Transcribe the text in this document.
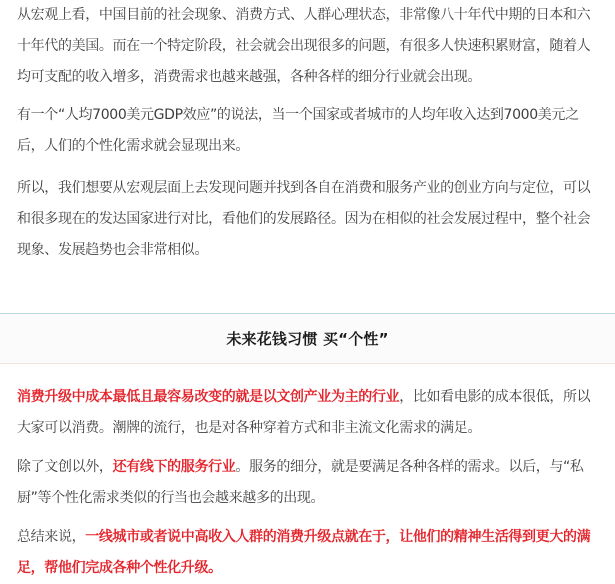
从宏观上看，中国目前的社会现象、消费方式、人群心理状态，非常像八十年代中期的日本和六十年代的美国。而在一个特定阶段，社会就会出现很多的问题，有很多人快速积累财富，随着人均可支配的收入增多，消费需求也越来越强，各种各样的细分行业就会出现。

有一个“人均7000美元GDP效应”的说法，当一个国家或者城市的人均年收入达到7000美元之后，人们的个性化需求就会显现出来。

所以，我们想要从宏观层面上去发现问题并找到各自在消费和服务产业的创业方向与定位，可以和很多现在的发达国家进行对比，看他们的发展路径。因为在相似的社会发展过程中，整个社会现象、发展趋势也会非常相似。

未来花钱习惯 买“个性”

消费升级中成本最低且最容易改变的就是以文创产业为主的行业，比如看电影的成本很低，所以大家可以消费。潮牌的流行，也是对各种穿着方式和非主流文化需求的满足。

除了文创以外，还有线下的服务行业。服务的细分，就是要满足各种各样的需求。以后，与“私厨”等个性化需求类似的行当也会越来越多的出现。

总结来说，一线城市或者说中高收入人群的消费升级点就在于，让他们的精神生活得到更大的满足，帮他们完成各种个性化升级。
